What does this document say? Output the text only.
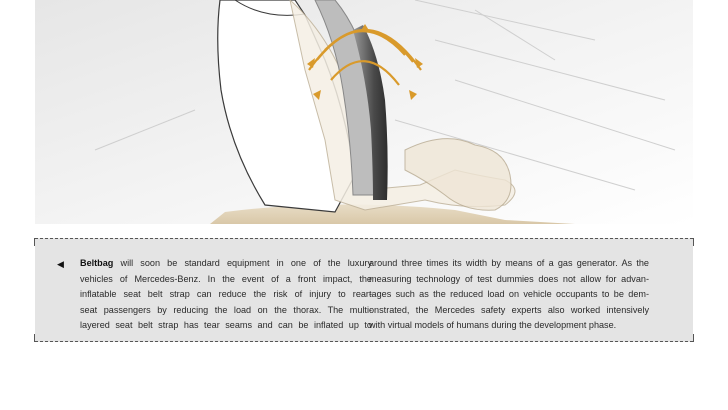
◀ Beltbag will soon be standard equipment in one of the luxury
vehicles of Mercedes-Benz. In the event of a front impact, the
inflatable seat belt strap can reduce the risk of injury to rear-
seat passengers by reducing the load on the thorax. The multi-
layered seat belt strap has tear seams and can be inflated up to
around three times its width by means of a gas generator. As the
measuring technology of test dummies does not allow for advan-
tages such as the reduced load on vehicle occupants to be dem-
onstrated, the Mercedes safety experts also worked intensively
with virtual models of humans during the development phase.
